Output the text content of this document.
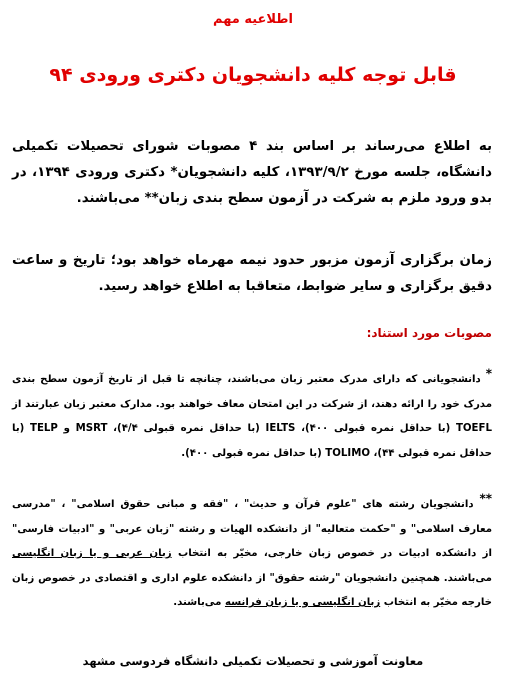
اطلاعیه مهم
قابل توجه کلیه دانشجویان دکتری ورودی ۹۴
به اطلاع می‌رساند بر اساس بند ۴ مصوبات شورای تحصیلات تکمیلی دانشگاه، جلسه مورخ ۱۳۹۳/۹/۲، کلیه دانشجویان* دکتری ورودی ۱۳۹۴، در بدو ورود ملزم به شرکت در آزمون سطح بندی زبان** می‌باشند.
زمان برگزاری آزمون مزبور حدود نیمه مهرماه خواهد بود؛ تاریخ و ساعت دقیق برگزاری و سایر ضوابط، متعاقبا به اطلاع خواهد رسید.
مصوبات مورد استناد:
* دانشجویانی که دارای مدرک معتبر زبان می‌باشند، چنانچه تا قبل از تاریخ آزمون سطح بندی مدرک خود را ارائه دهند، از شرکت در این امتحان معاف خواهند بود. مدارک معتبر زبان عبارتند از TOEFL (با حداقل نمره قبولی ۴۰۰)، IELTS (با حداقل نمره قبولی ۴/۴)، MSRT و TELP (با حداقل نمره قبولی ۴۴)، TOLIMO (با حداقل نمره قبولی ۴۰۰).
** دانشجویان رشته های "علوم قرآن و حدیث" ، "فقه و مبانی حقوق اسلامی" ، "مدرسی معارف اسلامی" و "حکمت متعالیه" از دانشکده الهیات و رشته "زبان عربی" و "ادبیات فارسی" از دانشکده ادبیات در خصوص زبان خارجی، مخیّر به انتخاب زبان عربی و یا زبان انگلیسی می‌باشند. همچنین دانشجویان "رشته حقوق" از دانشکده علوم اداری و اقتصادی در خصوص زبان خارجه مخیّر به انتخاب زبان انگلیسی و یا زبان فرانسه می‌باشند.
معاونت آموزشی و تحصیلات تکمیلی دانشگاه فردوسی مشهد
